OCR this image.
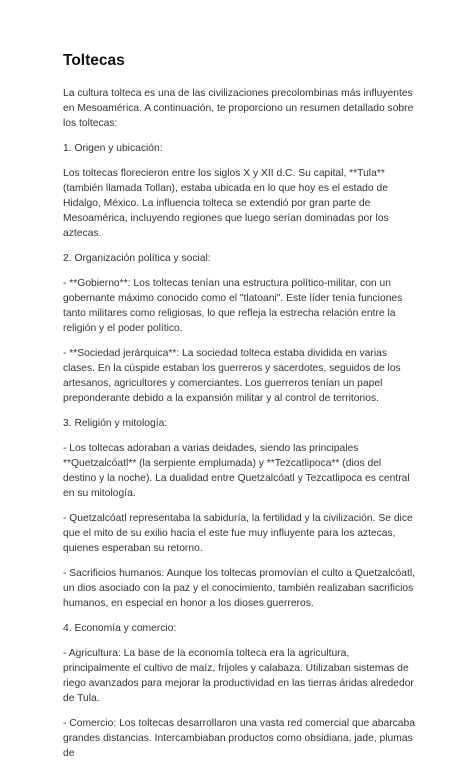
Toltecas

La cultura tolteca es una de las civilizaciones precolombinas más influyentes en Mesoamérica. A continuación, te proporciono un resumen detallado sobre los toltecas:

1. Origen y ubicación:

Los toltecas florecieron entre los siglos X y XII d.C. Su capital, **Tula** (también llamada Tollan), estaba ubicada en lo que hoy es el estado de Hidalgo, México. La influencia tolteca se extendió por gran parte de Mesoamérica, incluyendo regiones que luego serían dominadas por los aztecas.

2. Organización política y social:

- **Gobierno**: Los toltecas tenían una estructura político-militar, con un gobernante máximo conocido como el "tlatoani". Este líder tenía funciones tanto militares como religiosas, lo que refleja la estrecha relación entre la religión y el poder político.

- **Sociedad jerárquica**: La sociedad tolteca estaba dividida en varias clases. En la cúspide estaban los guerreros y sacerdotes, seguidos de los artesanos, agricultores y comerciantes. Los guerreros tenían un papel preponderante debido a la expansión militar y al control de territorios.

3. Religión y mitología:

- Los toltecas adoraban a varias deidades, siendo las principales **Quetzalcóatl** (la serpiente emplumada) y **Tezcatlipoca** (dios del destino y la noche). La dualidad entre Quetzalcóatl y Tezcatlipoca es central en su mitología.

- Quetzalcóatl representaba la sabiduría, la fertilidad y la civilización. Se dice que el mito de su exilio hacia el este fue muy influyente para los aztecas, quienes esperaban su retorno.

- Sacrificios humanos: Aunque los toltecas promovían el culto a Quetzalcóatl, un dios asociado con la paz y el conocimiento, también realizaban sacrificios humanos, en especial en honor a los dioses guerreros.

4. Economía y comercio:

- Agricultura: La base de la economía tolteca era la agricultura, principalmente el cultivo de maíz, frijoles y calabaza. Utilizaban sistemas de riego avanzados para mejorar la productividad en las tierras áridas alrededor de Tula.

- Comercio: Los toltecas desarrollaron una vasta red comercial que abarcaba grandes distancias. Intercambiaban productos como obsidiana, jade, plumas de
